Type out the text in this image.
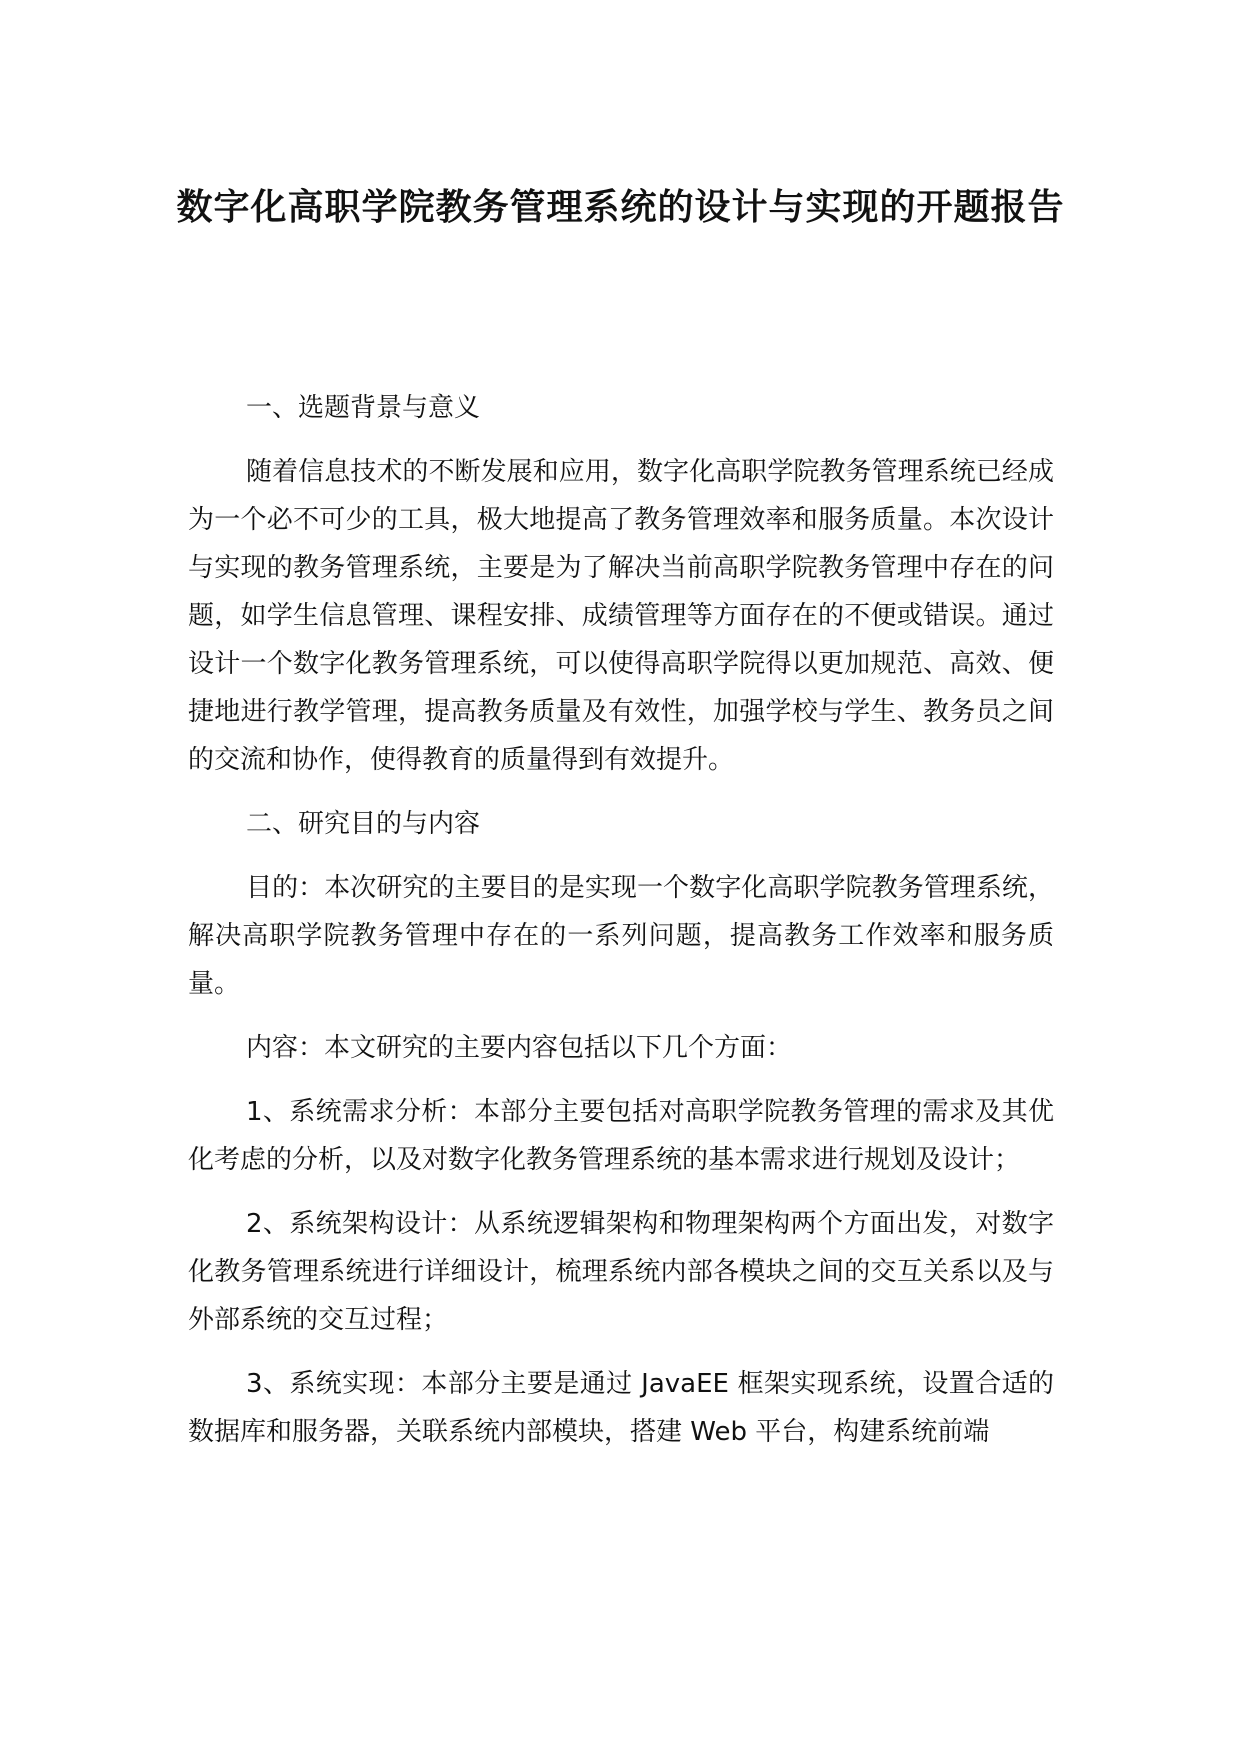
数字化高职学院教务管理系统的设计与实现的开题报告
一、选题背景与意义

随着信息技术的不断发展和应用，数字化高职学院教务管理系统已经成为一个必不可少的工具，极大地提高了教务管理效率和服务质量。本次设计与实现的教务管理系统，主要是为了解决当前高职学院教务管理中存在的问题，如学生信息管理、课程安排、成绩管理等方面存在的不便或错误。通过设计一个数字化教务管理系统，可以使得高职学院得以更加规范、高效、便捷地进行教学管理，提高教务质量及有效性，加强学校与学生、教务员之间的交流和协作，使得教育的质量得到有效提升。

二、研究目的与内容

目的：本次研究的主要目的是实现一个数字化高职学院教务管理系统，解决高职学院教务管理中存在的一系列问题，提高教务工作效率和服务质量。

内容：本文研究的主要内容包括以下几个方面：

1、系统需求分析：本部分主要包括对高职学院教务管理的需求及其优化考虑的分析，以及对数字化教务管理系统的基本需求进行规划及设计；

2、系统架构设计：从系统逻辑架构和物理架构两个方面出发，对数字化教务管理系统进行详细设计，梳理系统内部各模块之间的交互关系以及与外部系统的交互过程；

3、系统实现：本部分主要是通过 JavaEE 框架实现系统，设置合适的数据库和服务器，关联系统内部模块，搭建 Web 平台，构建系统前端
